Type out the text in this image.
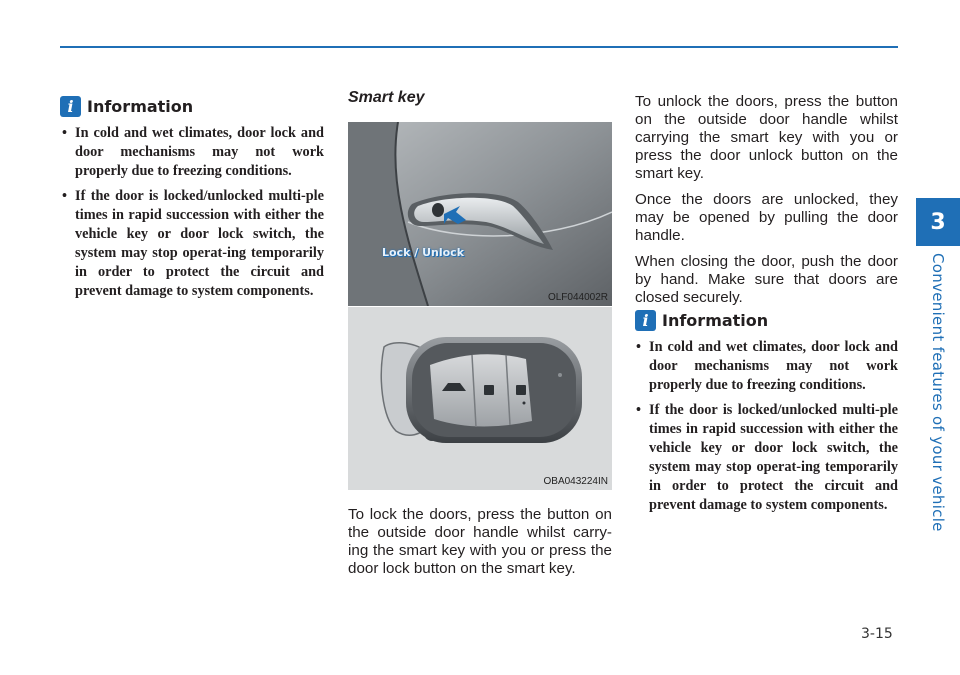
3
Convenient features of your vehicle
i Information
• In cold and wet climates, door lock and door mechanisms may not work properly due to freezing conditions.
• If the door is locked/unlocked multi-ple times in rapid succession with either the vehicle key or door lock switch, the system may stop operat-ing temporarily in order to protect the circuit and prevent damage to system components.
Smart key
Lock / Unlock
OLF044002R
OBA043224IN

To lock the doors, press the button on the outside door handle whilst carry-ing the smart key with you or press the door lock button on the smart key.

To unlock the doors, press the button on the outside door handle whilst carrying the smart key with you or press the door unlock button on the smart key.

Once the doors are unlocked, they may be opened by pulling the door handle.

When closing the door, push the door by hand. Make sure that doors are closed securely.

i Information
• In cold and wet climates, door lock and door mechanisms may not work properly due to freezing conditions.
• If the door is locked/unlocked multi-ple times in rapid succession with either the vehicle key or door lock switch, the system may stop operat-ing temporarily in order to protect the circuit and prevent damage to system components.
3-15
